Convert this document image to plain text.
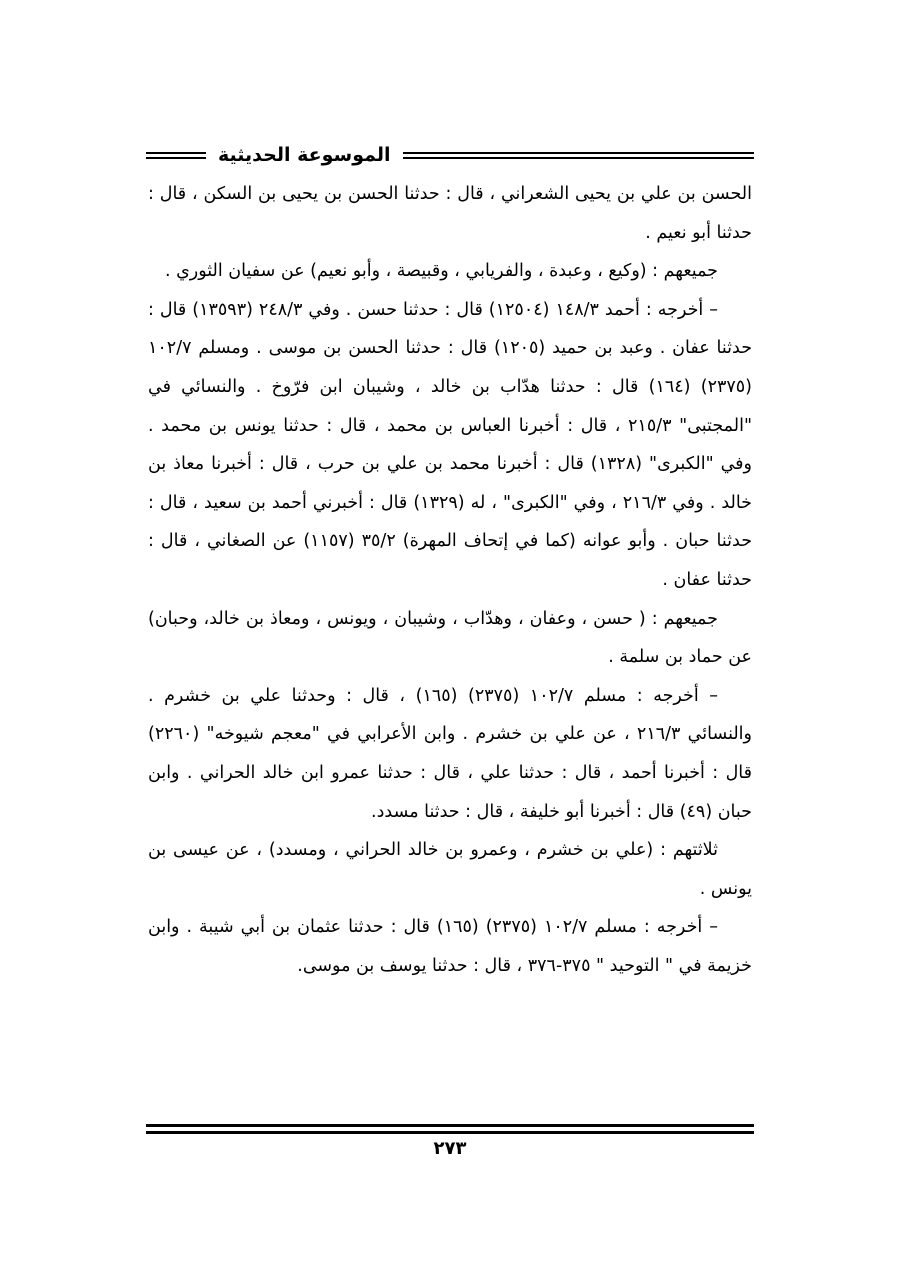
الموسوعة الحديثية

الحسن بن علي بن يحيى الشعراني ، قال : حدثنا الحسن بن يحيى بن السكن ، قال : حدثنا أبو نعيم .

جميعهم : (وكيع ، وعبدة ، والفريابي ، وقبيصة ، وأبو نعيم) عن سفيان الثوري .

– أخرجه : أحمد ١٤٨/٣ (١٢٥٠٤) قال : حدثنا حسن . وفي ٢٤٨/٣ (١٣٥٩٣) قال : حدثنا عفان . وعبد بن حميد (١٢٠٥) قال : حدثنا الحسن بن موسى . ومسلم ١٠٢/٧ (٢٣٧٥) (١٦٤) قال : حدثنا هدّاب بن خالد ، وشيبان ابن فرّوخ . والنسائي في "المجتبى" ٢١٥/٣ ، قال : أخبرنا العباس بن محمد ، قال : حدثنا يونس بن محمد . وفي "الكبرى" (١٣٢٨) قال : أخبرنا محمد بن علي بن حرب ، قال : أخبرنا معاذ بن خالد . وفي ٢١٦/٣ ، وفي "الكبرى" ، له (١٣٢٩) قال : أخبرني أحمد بن سعيد ، قال : حدثنا حبان . وأبو عوانه (كما في إتحاف المهرة) ٣٥/٢ (١١٥٧) عن الصغاني ، قال : حدثنا عفان .

جميعهم : ( حسن ، وعفان ، وهدّاب ، وشيبان ، ويونس ، ومعاذ بن خالد، وحبان) عن حماد بن سلمة .

– أخرجه : مسلم ١٠٢/٧ (٢٣٧٥) (١٦٥) ، قال : وحدثنا علي بن خشرم . والنسائي ٢١٦/٣ ، عن علي بن خشرم . وابن الأعرابي في "معجم شيوخه" (٢٢٦٠) قال : أخبرنا أحمد ، قال : حدثنا علي ، قال : حدثنا عمرو ابن خالد الحراني . وابن حبان (٤٩) قال : أخبرنا أبو خليفة ، قال : حدثنا مسدد.

ثلاثتهم : (علي بن خشرم ، وعمرو بن خالد الحراني ، ومسدد) ، عن عيسى بن يونس .

– أخرجه : مسلم ١٠٢/٧ (٢٣٧٥) (١٦٥) قال : حدثنا عثمان بن أبي شيبة . وابن خزيمة في " التوحيد " ٣٧٥-٣٧٦ ، قال : حدثنا يوسف بن موسى.

٢٧٣
